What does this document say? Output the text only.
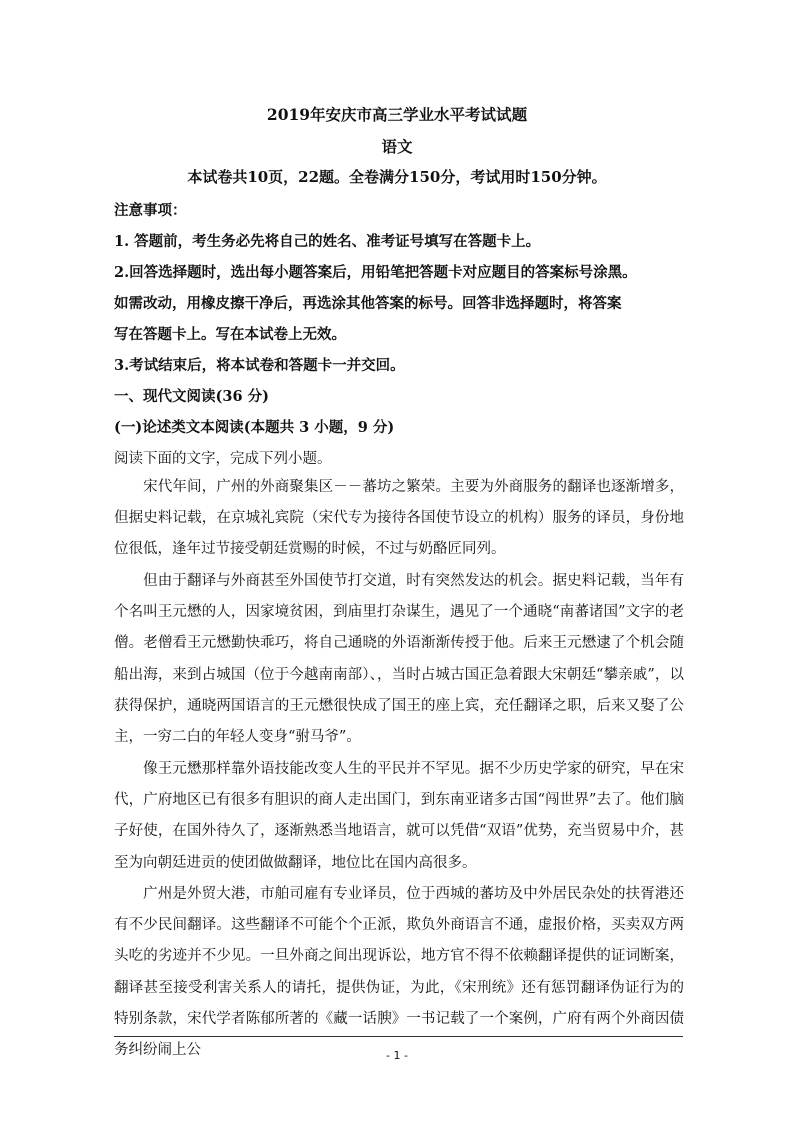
2019年安庆市高三学业水平考试试题
语文
本试卷共10页，22题。全卷满分150分，考试用时150分钟。
注意事项：
1. 答题前，考生务必先将自己的姓名、准考证号填写在答题卡上。
2.回答选择题时，选出每小题答案后，用铅笔把答题卡对应题目的答案标号涂黑。
如需改动，用橡皮擦干净后，再选涂其他答案的标号。回答非选择题时，将答案
写在答题卡上。写在本试卷上无效。
3.考试结束后，将本试卷和答题卡一并交回。
一、现代文阅读(36 分)
(一)论述类文本阅读(本题共 3 小题，9 分)
阅读下面的文字，完成下列小题。
宋代年间，广州的外商聚集区－－蕃坊之繁荣。主要为外商服务的翻译也逐渐增多，但据史料记载，在京城礼宾院（宋代专为接待各国使节设立的机构）服务的译员，身份地位很低，逢年过节接受朝廷赏赐的时候，不过与奶酪匠同列。
但由于翻译与外商甚至外国使节打交道，时有突然发达的机会。据史料记载，当年有个名叫王元懋的人，因家境贫困，到庙里打杂谋生，遇见了一个通晓“南蕃诸国”文字的老僧。老僧看王元懋勤快乖巧，将自己通晓的外语渐渐传授于他。后来王元懋逮了个机会随船出海，来到占城国（位于今越南南部）、，当时占城古国正急着跟大宋朝廷“攀亲戚”，以获得保护，通晓两国语言的王元懋很快成了国王的座上宾，充任翻译之职，后来又娶了公主，一穷二白的年轻人变身“驸马爷”。
像王元懋那样靠外语技能改变人生的平民并不罕见。据不少历史学家的研究，早在宋代，广府地区已有很多有胆识的商人走出国门，到东南亚诸多古国“闯世界”去了。他们脑子好使，在国外待久了，逐渐熟悉当地语言，就可以凭借“双语”优势，充当贸易中介，甚至为向朝廷进贡的使团做做翻译，地位比在国内高很多。
广州是外贸大港，市舶司雇有专业译员，位于西城的蕃坊及中外居民杂处的扶胥港还有不少民间翻译。这些翻译不可能个个正派，欺负外商语言不通，虚报价格，买卖双方两头吃的劣迹并不少见。一旦外商之间出现诉讼，地方官不得不依赖翻译提供的证词断案，翻译甚至接受利害关系人的请托，提供伪证，为此，《宋刑统》还有惩罚翻译伪证行为的特别条款，宋代学者陈郁所著的《藏一话腴》一书记载了一个案例，广府有两个外商因债务纠纷闹上公	- 1 -
